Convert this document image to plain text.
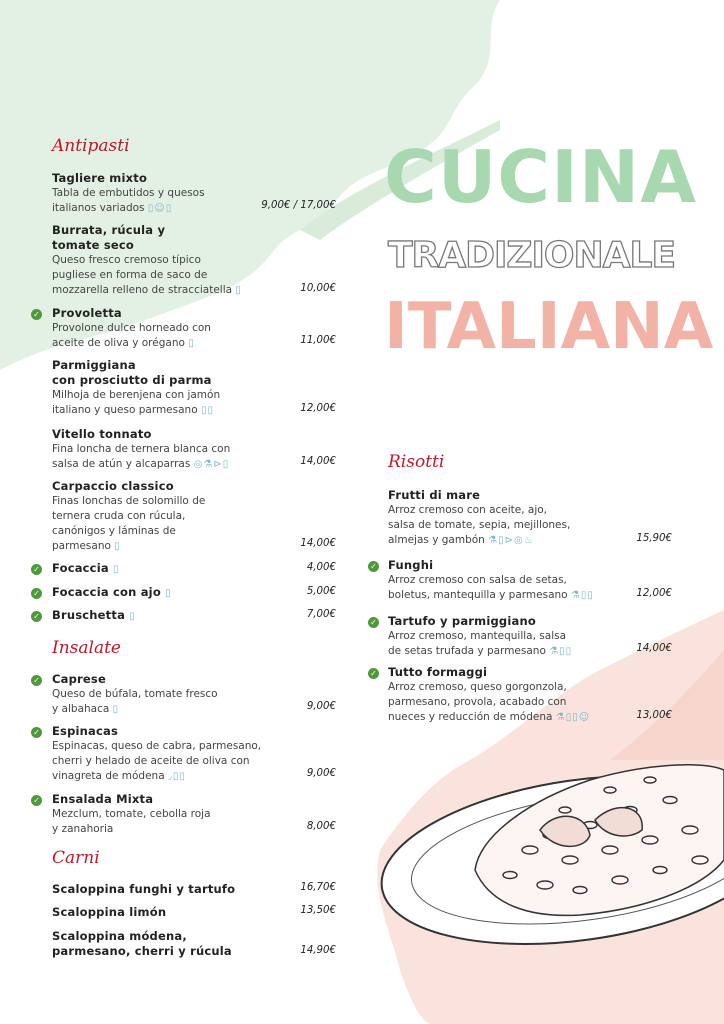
CUCINA
TRADIZIONALE
ITALIANA
Antipasti
Insalate
Carni
Risotti
Tagliere mixto
Tabla de embutidos y quesos
italianos variados ▯☺▯	9,00€ / 17,00€
Burrata, rúcula y
tomate seco
Queso fresco cremoso típico
pugliese en forma de saco de
mozzarella relleno de stracciatella ▯	10,00€
✓ Provoletta
Provolone dulce horneado con
aceite de oliva y orégano ▯	11,00€
Parmiggiana
con prosciutto di parma
Milhoja de berenjena con jamón
italiano y queso parmesano ▯▯	12,00€
Vitello tonnato
Fina loncha de ternera blanca con
salsa de atún y alcaparras ◎⚗⊳▯	14,00€
Carpaccio classico
Finas lonchas de solomillo de
ternera cruda con rúcula,
canónigos y láminas de
parmesano ▯	14,00€
✓ Focaccia ▯	4,00€
✓ Focaccia con ajo ▯	5,00€
✓ Bruschetta ▯	7,00€
✓ Caprese
Queso de búfala, tomate fresco
y albahaca ▯	9,00€
✓ Espinacas
Espinacas, queso de cabra, parmesano,
cherri y helado de aceite de oliva con
vinagreta de módena ◞▯▯	9,00€
✓ Ensalada Mixta
Mezclum, tomate, cebolla roja
y zanahoria	8,00€
Scaloppina funghi y tartufo	16,70€
Scaloppina limón	13,50€
Scaloppina módena,
parmesano, cherri y rúcula	14,90€
Frutti di mare
Arroz cremoso con aceite, ajo,
salsa de tomate, sepia, mejillones,
almejas y gambón ⚗▯⊳◎♨	15,90€
✓ Funghi
Arroz cremoso con salsa de setas,
boletus, mantequilla y parmesano ⚗▯▯	12,00€
✓ Tartufo y parmiggiano
Arroz cremoso, mantequilla, salsa
de setas trufada y parmesano ⚗▯▯	14,00€
✓ Tutto formaggi
Arroz cremoso, queso gorgonzola,
parmesano, provola, acabado con
nueces y reducción de módena ⚗▯▯☺	13,00€
